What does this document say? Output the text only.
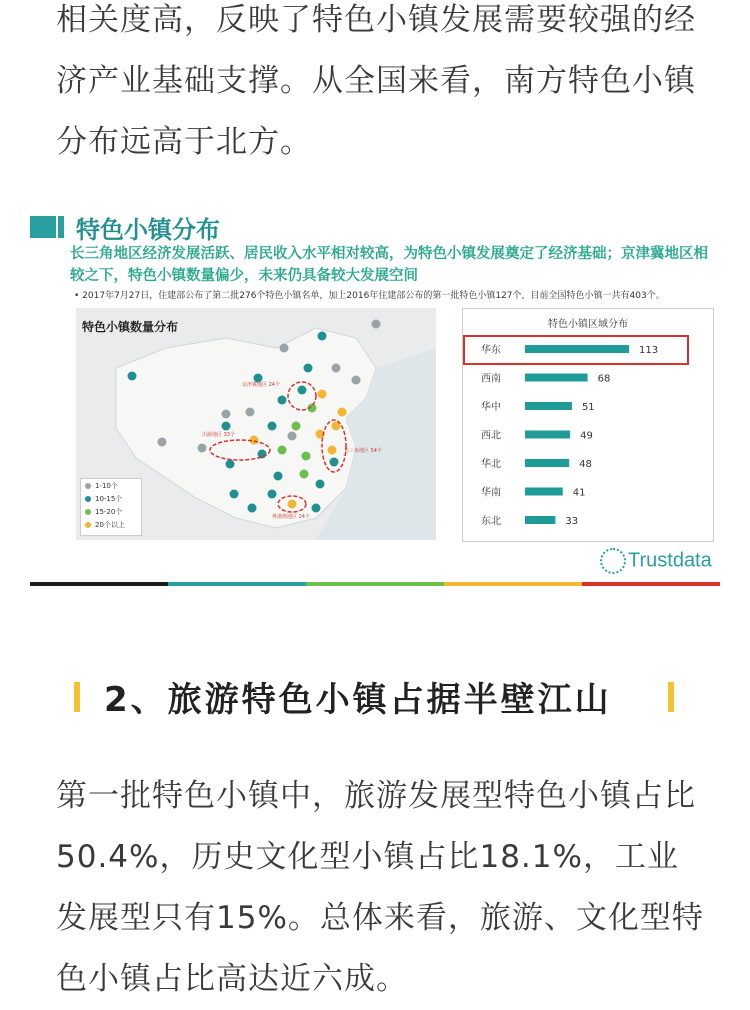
相关度高，反映了特色小镇发展需要较强的经济产业基础支撑。从全国来看，南方特色小镇分布远高于北方。
特色小镇分布
长三角地区经济发展活跃、居民收入水平相对较高，为特色小镇发展奠定了经济基础；京津冀地区相较之下，特色小镇数量偏少，未来仍具备较大发展空间
• 2017年7月27日，住建部公布了第二批276个特色小镇名单，加上2016年住建部公布的第一批特色小镇127个，目前全国特色小镇一共有403个。
京津冀地区 24个
川渝地区 33个
长三角地区 54个
粤港澳地区 24个
特色小镇数量分布
1-10个
10-15个
15-20个
20个以上
特色小镇区域分布
华东	113
西南	68
华中	51
西北	49
华北	48
华南	41
东北	33
Trustdata
2、旅游特色小镇占据半壁江山
第一批特色小镇中，旅游发展型特色小镇占比50.4%，历史文化型小镇占比18.1%，工业发展型只有15%。总体来看，旅游、文化型特色小镇占比高达近六成。	大股若策划
